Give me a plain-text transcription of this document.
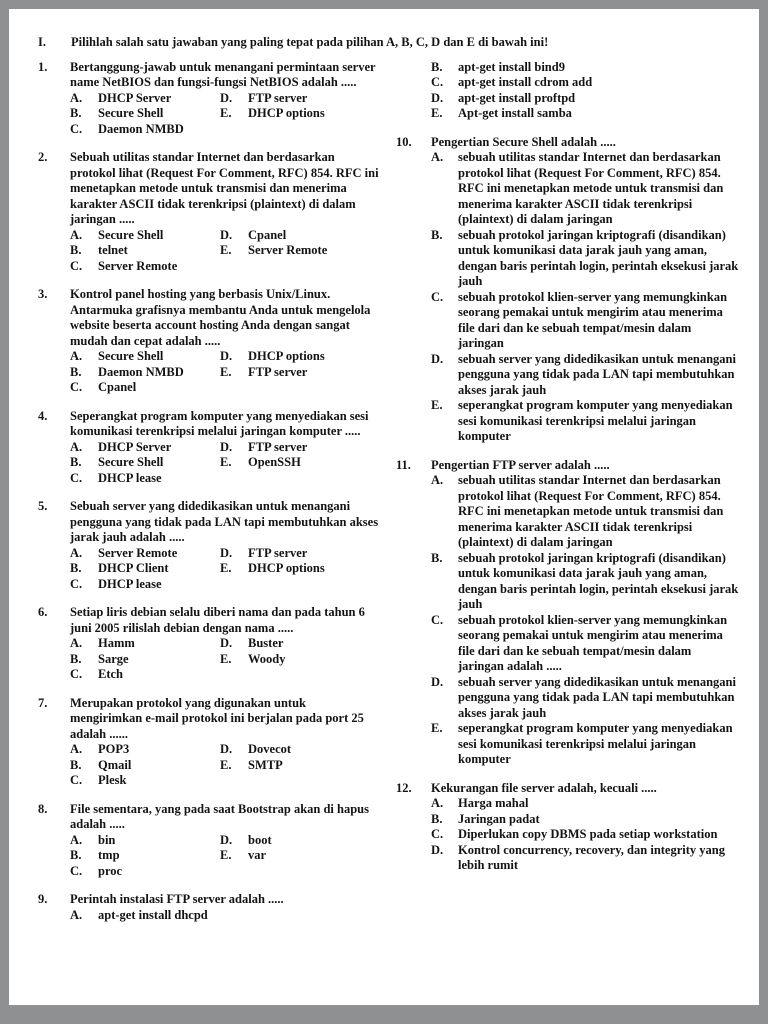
I.	Pilihlah salah satu jawaban yang paling tepat pada pilihan A, B, C, D dan E di bawah ini!
1.	Bertanggung-jawab untuk menangani permintaan server name NetBIOS dan fungsi-fungsi NetBIOS adalah .....
A.	DHCP Server	D.	FTP server
B.	Secure Shell	E.	DHCP options
C.	Daemon NMBD
2.	Sebuah utilitas standar Internet dan berdasarkan protokol lihat (Request For Comment, RFC) 854. RFC ini menetapkan metode untuk transmisi dan menerima karakter ASCII tidak terenkripsi (plaintext) di dalam jaringan .....
A.	Secure Shell	D.	Cpanel
B.	telnet	E.	Server Remote
C.	Server Remote
3.	Kontrol panel hosting yang berbasis Unix/Linux. Antarmuka grafisnya membantu Anda untuk mengelola website beserta account hosting Anda dengan sangat mudah dan cepat adalah .....
A.	Secure Shell	D.	DHCP options
B.	Daemon NMBD	E.	FTP server
C.	Cpanel
4.	Seperangkat program komputer yang menyediakan sesi komunikasi terenkripsi melalui jaringan komputer .....
A.	DHCP Server	D.	FTP server
B.	Secure Shell	E.	OpenSSH
C.	DHCP lease
5.	Sebuah server yang didedikasikan untuk menangani pengguna yang tidak pada LAN tapi membutuhkan akses jarak jauh adalah .....
A.	Server Remote	D.	FTP server
B.	DHCP Client	E.	DHCP options
C.	DHCP lease
6.	Setiap liris debian selalu diberi nama dan pada tahun 6 juni 2005 rilislah debian dengan nama .....
A.	Hamm	D.	Buster
B.	Sarge	E.	Woody
C.	Etch
7.	Merupakan protokol yang digunakan untuk mengirimkan e-mail protokol ini berjalan pada port 25 adalah ......
A.	POP3	D.	Dovecot
B.	Qmail	E.	SMTP
C.	Plesk
8.	File sementara, yang pada saat Bootstrap akan di hapus adalah .....
A.	bin	D.	boot
B.	tmp	E.	var
C.	proc
9.	Perintah instalasi FTP server adalah .....
A.	apt-get install dhcpd
B.	apt-get install bind9
C.	apt-get install cdrom add
D.	apt-get install proftpd
E.	Apt-get install samba
10.	Pengertian Secure Shell adalah .....
A.	sebuah utilitas standar Internet dan berdasarkan protokol lihat (Request For Comment, RFC) 854. RFC ini menetapkan metode untuk transmisi dan menerima karakter ASCII tidak terenkripsi (plaintext) di dalam jaringan
B.	sebuah protokol jaringan kriptografi (disandikan) untuk komunikasi data jarak jauh yang aman, dengan baris perintah login, perintah eksekusi jarak jauh
C.	sebuah protokol klien-server yang memungkinkan seorang pemakai untuk mengirim atau menerima file dari dan ke sebuah tempat/mesin dalam jaringan
D.	sebuah server yang didedikasikan untuk menangani pengguna yang tidak pada LAN tapi membutuhkan akses jarak jauh
E.	seperangkat program komputer yang menyediakan sesi komunikasi terenkripsi melalui jaringan komputer
11.	Pengertian FTP server adalah .....
A.	sebuah utilitas standar Internet dan berdasarkan protokol lihat (Request For Comment, RFC) 854. RFC ini menetapkan metode untuk transmisi dan menerima karakter ASCII tidak terenkripsi (plaintext) di dalam jaringan
B.	sebuah protokol jaringan kriptografi (disandikan) untuk komunikasi data jarak jauh yang aman, dengan baris perintah login, perintah eksekusi jarak jauh
C.	sebuah protokol klien-server yang memungkinkan seorang pemakai untuk mengirim atau menerima file dari dan ke sebuah tempat/mesin dalam jaringan adalah .....
D.	sebuah server yang didedikasikan untuk menangani pengguna yang tidak pada LAN tapi membutuhkan akses jarak jauh
E.	seperangkat program komputer yang menyediakan sesi komunikasi terenkripsi melalui jaringan komputer
12.	Kekurangan file server adalah, kecuali .....
A.	Harga mahal
B.	Jaringan padat
C.	Diperlukan copy DBMS pada setiap workstation
D.	Kontrol concurrency, recovery, dan integrity yang lebih rumit
